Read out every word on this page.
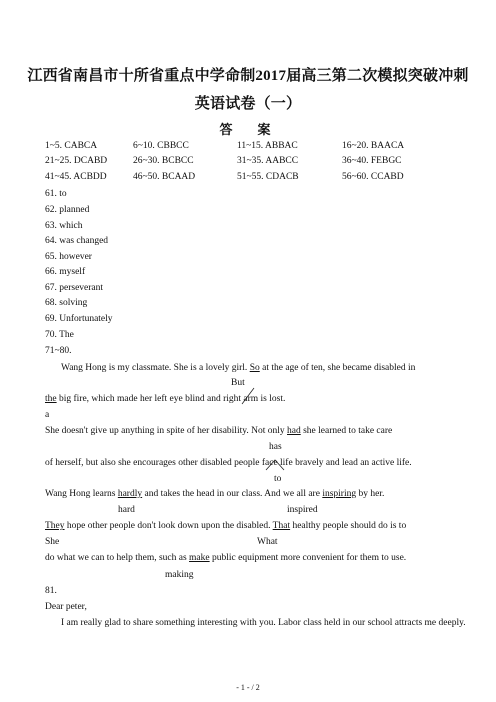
江西省南昌市十所省重点中学命制2017届高三第二次模拟突破冲刺
英语试卷（一）
答　案
1~5. CABCA	6~10. CBBCC	11~15. ABBAC	16~20. BAACA
21~25. DCABD	26~30. BCBCC	31~35. AABCC	36~40. FEBGC
41~45. ACBDD	46~50. BCAAD	51~55. CDACB	56~60. CCABD
61. to
62. planned
63. which
64. was changed
65. however
66. myself
67. perseverant
68. solving
69. Unfortunately
70. The
71~80.
Wang Hong is my classmate. She is a lovely girl. So at the age of ten, she became disabled in
But
the big fire, which made her left eye blind and right arm is lost.
a
She doesn't give up anything in spite of her disability. Not only had she learned to take care
has
of herself, but also she encourages other disabled people face life bravely and lead an active life.
to
Wang Hong learns hardly and takes the head in our class. And we all are inspiring by her.
hard	inspired
They hope other people don't look down upon the disabled. That healthy people should do is to
She	What
do what we can to help them, such as make public equipment more convenient for them to use.
making
81.
Dear peter,
I am really glad to share something interesting with you. Labor class held in our school attracts me deeply.
- 1 - / 2
